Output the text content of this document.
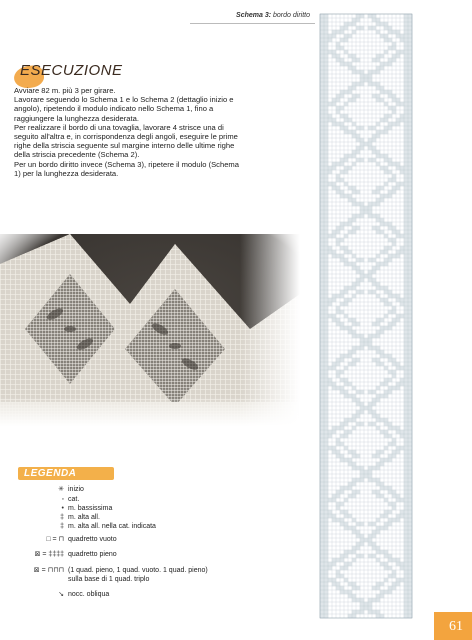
Schema 3: bordo diritto
ESECUZIONE

Avviare 82 m. più 3 per girare.

Lavorare seguendo lo Schema 1 e lo Schema 2 (dettaglio inizio e angolo), ripetendo il modulo indicato nello Schema 1, fino a raggiungere la lunghezza desiderata.

Per realizzare il bordo di una tovaglia, lavorare 4 strisce una di seguito all'altra e, in corrispondenza degli angoli, eseguire le prime righe della striscia seguente sul margine interno delle ultime righe della striscia precedente (Schema 2).

Per un bordo diritto invece (Schema 3), ripetere il modulo (Schema 1) per la lunghezza desiderata.

LEGENDA
✳ inizio
◦ cat.
• m. bassissima
‡ m. alta all.
‡ m. alta all. nella cat. indicata
□ = ⊓ quadretto vuoto
⊠ = ‡‡‡‡ quadretto pieno
⊠ = ⊓⊓⊓ (1 quad. pieno, 1 quad. vuoto. 1 quad. pieno)
sulla base di 1 quad. triplo
↘ nocc. obliqua
61
